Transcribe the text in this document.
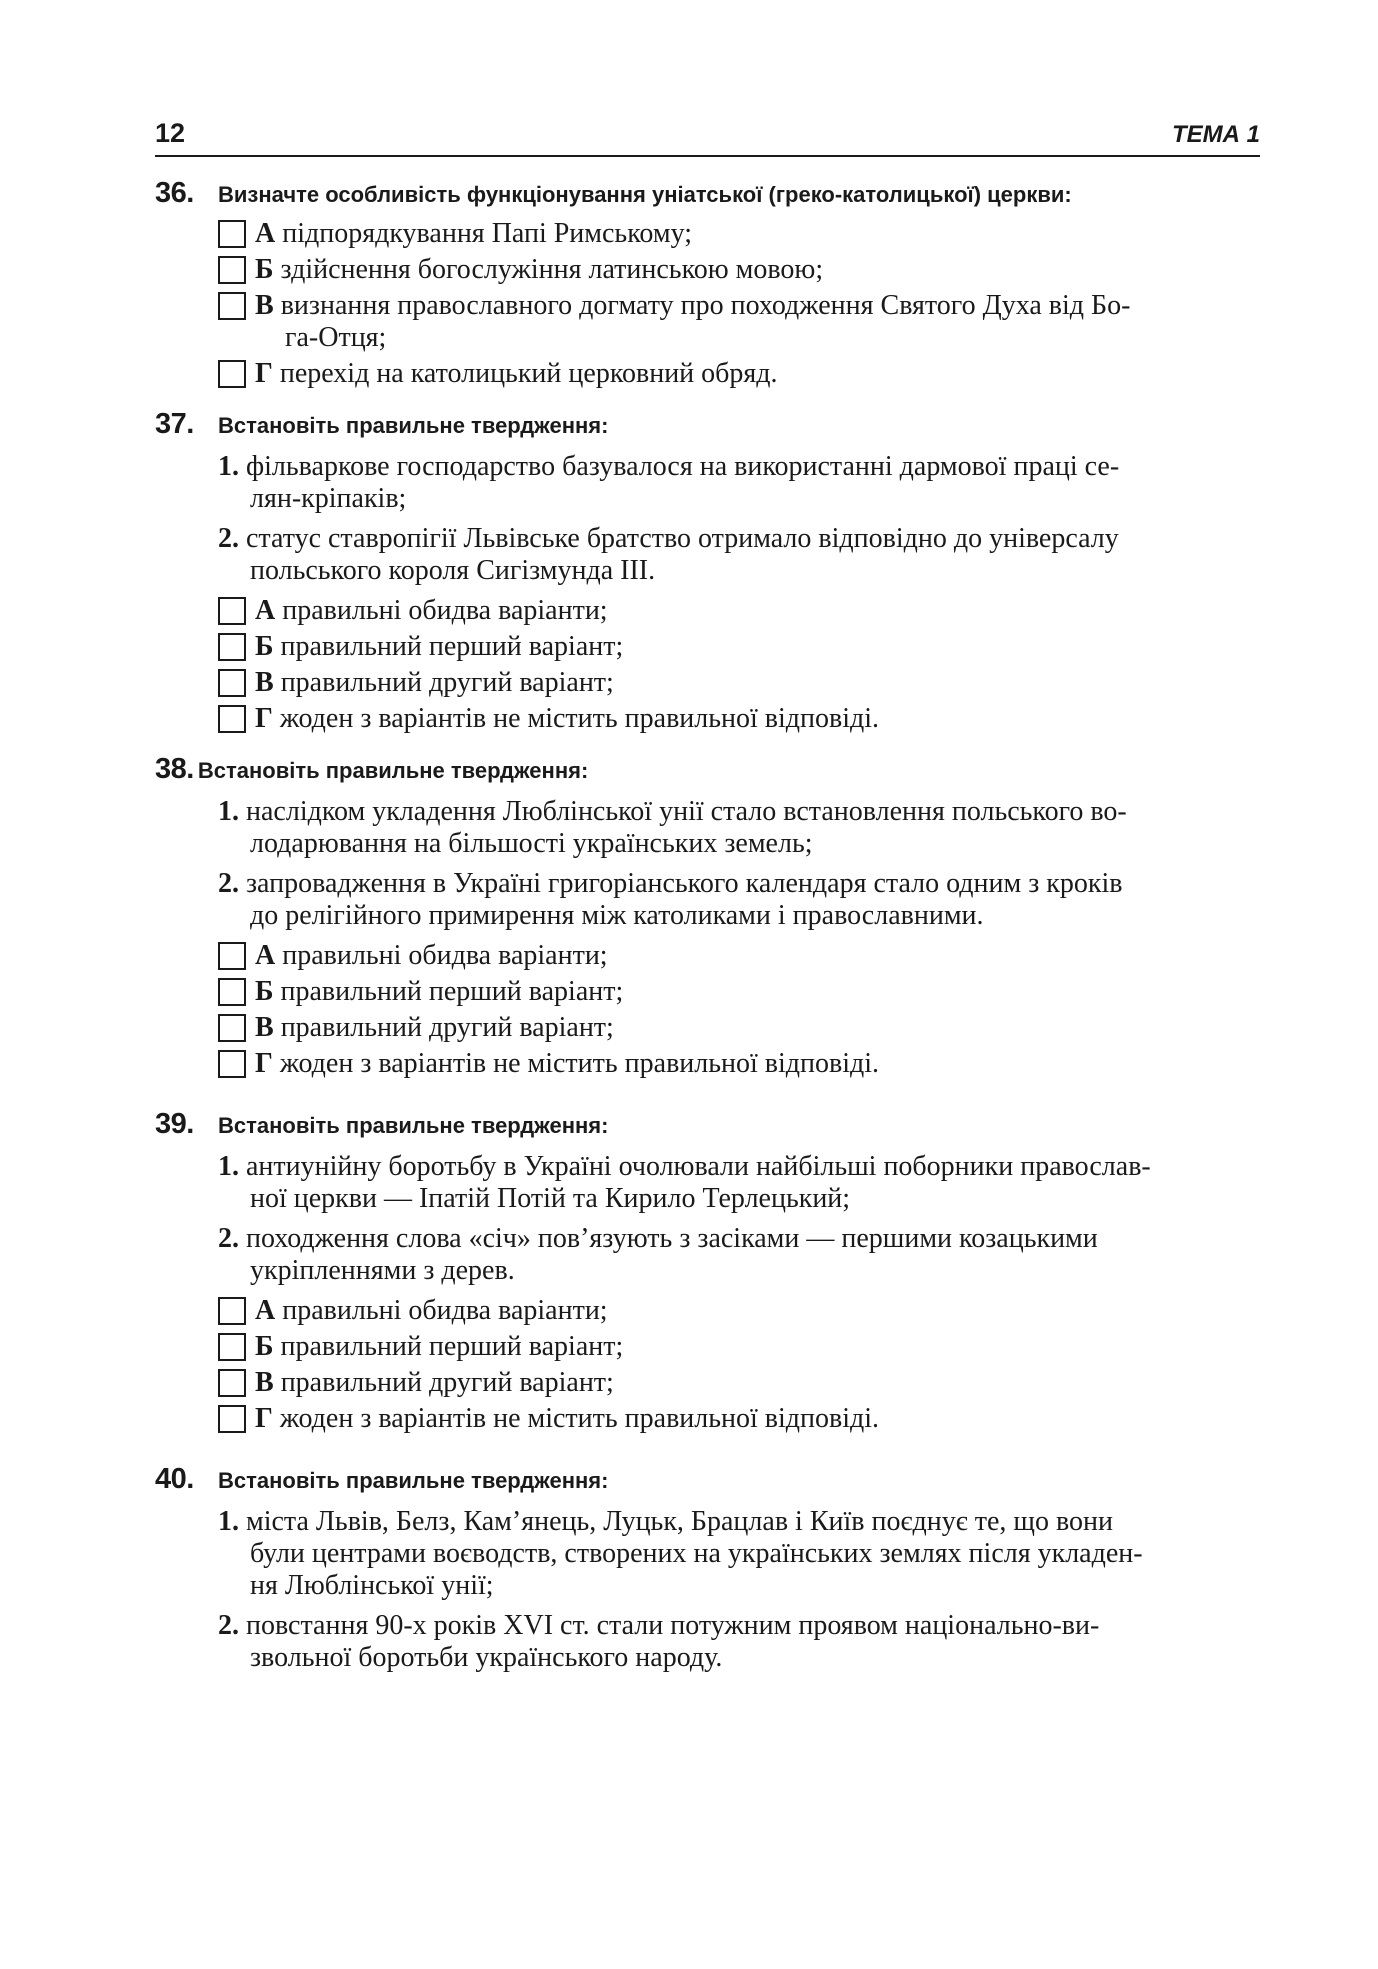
12	ТЕМА 1
36.	Визначте особливість функціонування уніатської (греко-католицької) церкви:
А підпорядкування Папі Римському;
Б здійснення богослужіння латинською мовою;
В визнання православного догмату про походження Святого Духа від Бо-
га-Отця;
Г перехід на католицький церковний обряд.
37.	Встановіть правильне твердження:
1. фільваркове господарство базувалося на використанні дармової праці се-
лян-кріпаків;
2. статус ставропігії Львівське братство отримало відповідно до універсалу
польського короля Сигізмунда III.
А правильні обидва варіанти;
Б правильний перший варіант;
В правильний другий варіант;
Г жоден з варіантів не містить правильної відповіді.
38. Встановіть правильне твердження:
1. наслідком укладення Люблінської унії стало встановлення польського во-
лодарювання на більшості українських земель;
2. запровадження в Україні григоріанського календаря стало одним з кроків
до релігійного примирення між католиками і православними.
А правильні обидва варіанти;
Б правильний перший варіант;
В правильний другий варіант;
Г жоден з варіантів не містить правильної відповіді.
39.	Встановіть правильне твердження:
1. антиунійну боротьбу в Україні очолювали найбільші поборники православ-
ної церкви — Іпатій Потій та Кирило Терлецький;
2. походження слова «січ» пов’язують з засіками — першими козацькими
укріпленнями з дерев.
А правильні обидва варіанти;
Б правильний перший варіант;
В правильний другий варіант;
Г жоден з варіантів не містить правильної відповіді.
40.	Встановіть правильне твердження:
1. міста Львів, Белз, Кам’янець, Луцьк, Брацлав і Київ поєднує те, що вони
були центрами воєводств, створених на українських землях після укладен-
ня Люблінської унії;
2. повстання 90-х років XVI ст. стали потужним проявом національно-ви-
звольної боротьби українського народу.
